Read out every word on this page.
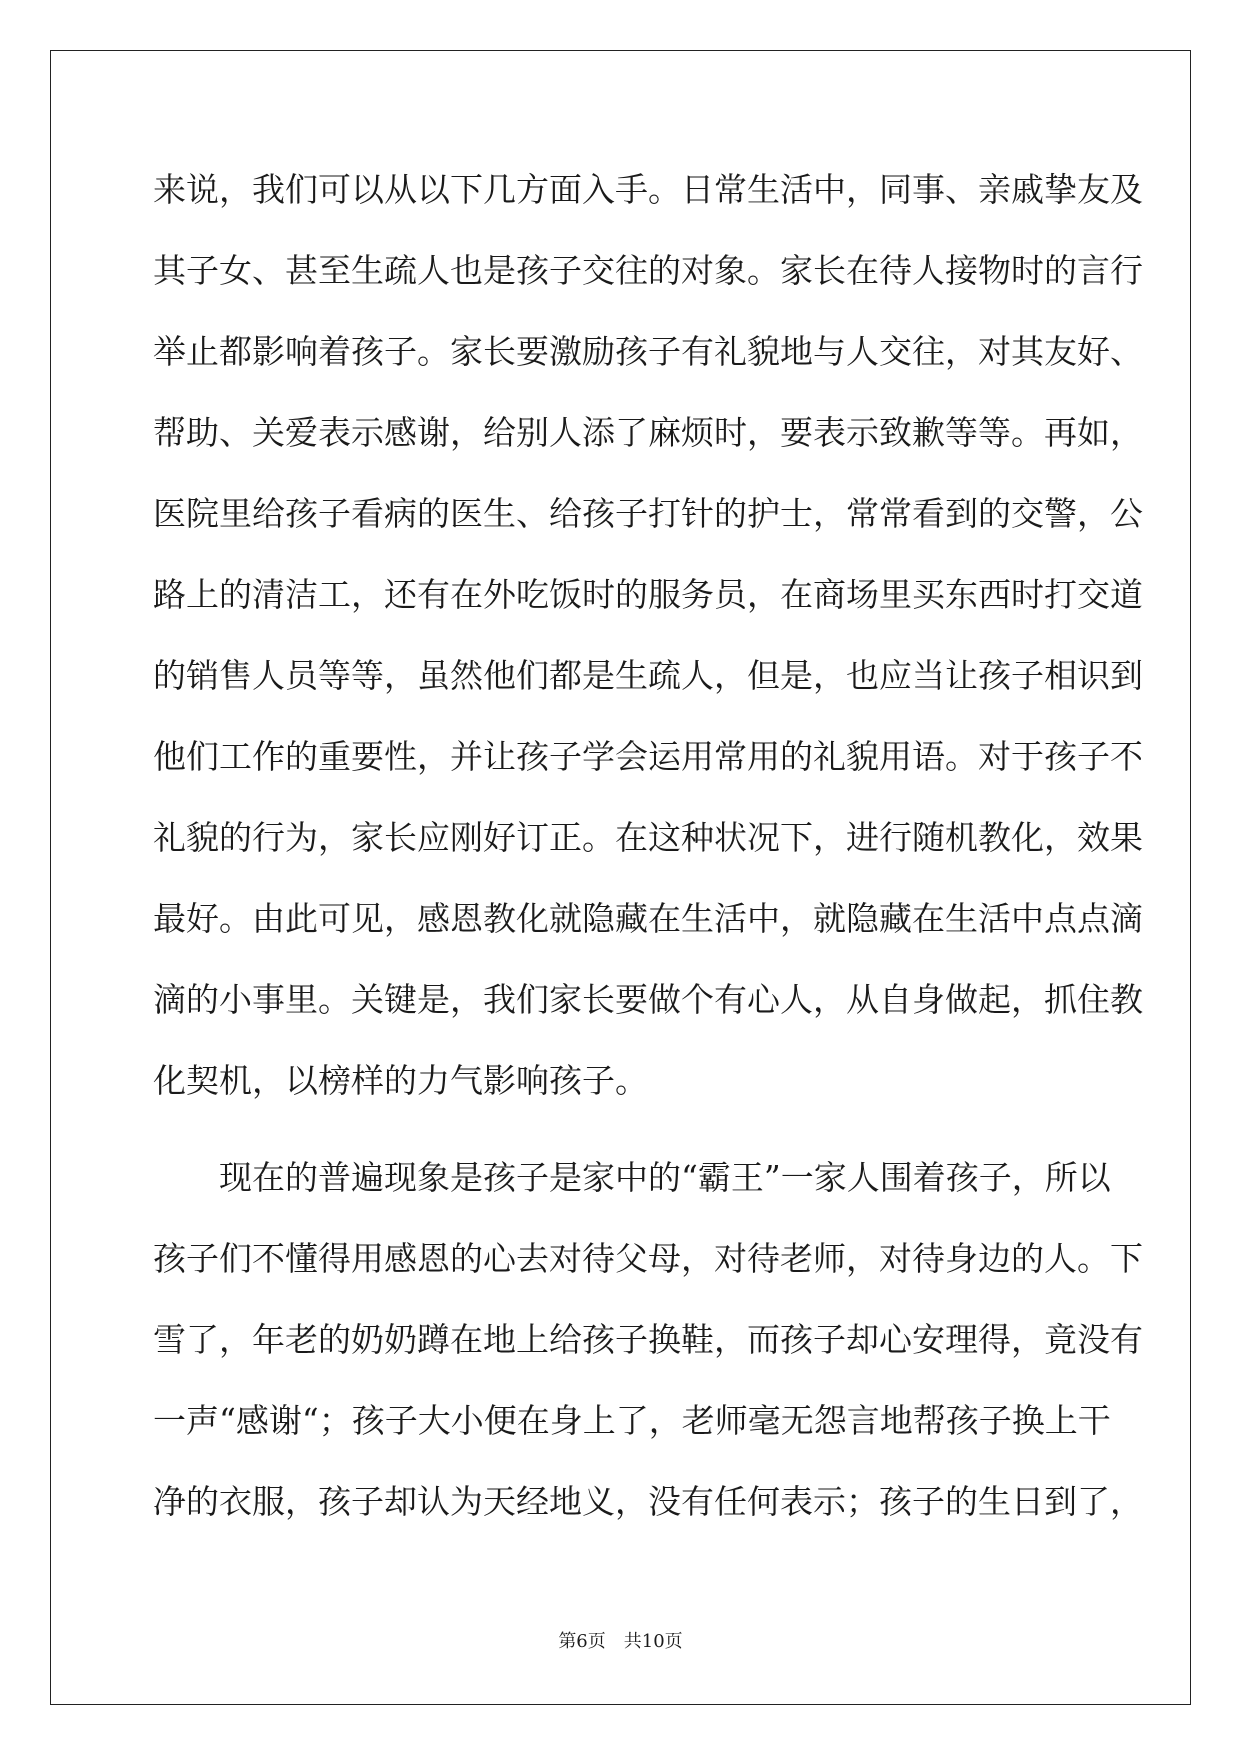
来说，我们可以从以下几方面入手。日常生活中，同事、亲戚挚友及
其子女、甚至生疏人也是孩子交往的对象。家长在待人接物时的言行
举止都影响着孩子。家长要激励孩子有礼貌地与人交往，对其友好、
帮助、关爱表示感谢，给别人添了麻烦时，要表示致歉等等。再如，
医院里给孩子看病的医生、给孩子打针的护士，常常看到的交警，公
路上的清洁工，还有在外吃饭时的服务员，在商场里买东西时打交道
的销售人员等等，虽然他们都是生疏人，但是，也应当让孩子相识到
他们工作的重要性，并让孩子学会运用常用的礼貌用语。对于孩子不
礼貌的行为，家长应刚好订正。在这种状况下，进行随机教化，效果
最好。由此可见，感恩教化就隐藏在生活中，就隐藏在生活中点点滴
滴的小事里。关键是，我们家长要做个有心人，从自身做起，抓住教
化契机，以榜样的力气影响孩子。
　　现在的普遍现象是孩子是家中的“霸王”一家人围着孩子，所以
孩子们不懂得用感恩的心去对待父母，对待老师，对待身边的人。下
雪了，年老的奶奶蹲在地上给孩子换鞋，而孩子却心安理得，竟没有
一声“感谢“；孩子大小便在身上了，老师毫无怨言地帮孩子换上干
净的衣服，孩子却认为天经地义，没有任何表示；孩子的生日到了，
第6页　共10页
